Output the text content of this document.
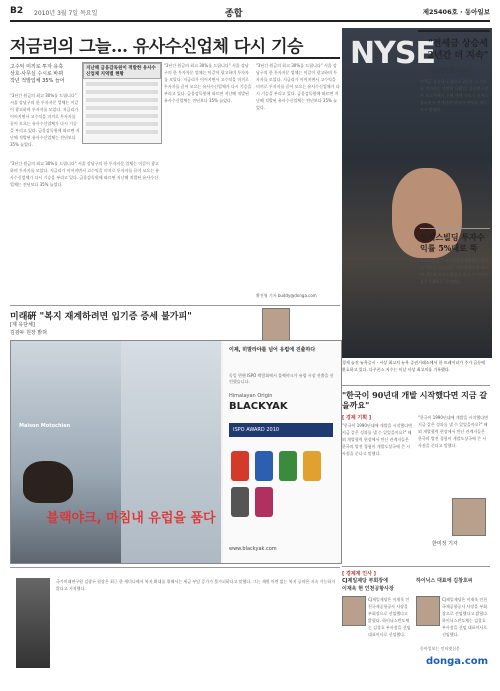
B2 2010년 3월 7일 목요일	종합	제25406호 · 동아일보
저금리의 그늘… 유사수신업체 다시 기승
고수익 미끼로 투자 유혹
상호·사무실 수시로 바꿔
작년 적발업체 35% 늘어
지난해 금융감독원이 적발한 유사수신업체 지역별 현황
"3년간 원금의 최고 30%를 드립니다" 서울 강남구의 한 투자자문 업체는 이같이 광고하며 투자자를 모았다. 저금리가 이어지면서 고수익을 미끼로 투자자를 끌어 모으는 유사수신업체가 다시 기승을 부리고 있다. 금융감독원에 따르면 지난해 적발된 유사수신업체는 전년보다 35% 늘었다.
"3년간 원금의 최고 30%를 드립니다" 서울 강남구의 한 투자자문 업체는 이같이 광고하며 투자자를 모았다. 저금리가 이어지면서 고수익을 미끼로 투자자를 끌어 모으는 유사수신업체가 다시 기승을 부리고 있다. 금융감독원에 따르면 지난해 적발된 유사수신업체는 전년보다 35% 늘었다.
"3년간 원금의 최고 30%를 드립니다" 서울 강남구의 한 투자자문 업체는 이같이 광고하며 투자자를 모았다. 저금리가 이어지면서 고수익을 미끼로 투자자를 끌어 모으는 유사수신업체가 다시 기승을 부리고 있다. 금융감독원에 따르면 지난해 적발된 유사수신업체는 전년보다 35% 늘었다.
"3년간 원금의 최고 30%를 드립니다" 서울 강남구의 한 투자자문 업체는 이같이 광고하며 투자자를 모았다. 저금리가 이어지면서 고수익을 미끼로 투자자를 끌어 모으는 유사수신업체가 다시 기승을 부리고 있다. 금융감독원에 따르면 지난해 적발된 유사수신업체는 전년보다 35% 늘었다.
황진영 기자 buddy@donga.com
미래硏 "복지 재계하려면 입기증 증세 불가피"
[제 유단체]
김광두 원장 밝혀
Maison Motochien
블랙야크, 마침내 유럽을 품다
이제, 히말라야를 넘어 유럽에 진출하다
독일 뮌헨 ISPO 박람회에서 블랙야크가 유럽 시장 진출을 선언했습니다.
Himalayan Origin
BLACKYAK
ISPO AWARD 2010
www.blackyak.com
NYSE
"전세금 상승세 2년간 더 지속"
금융연구원 보고서
전세금 상승세가 앞으로 2년간 더 지속될 것이라는 전망이 나왔다. 금융연구원은 보고서에서 주택 매매 수요가 전세로 몰리면서 전세가격 상승이 이어질 것이라고 밝혔다.
오피스빌딩 투자수익률 5%대로 뚝
오피스빌딩 투자수익률이 5%대로 떨어진 것으로 나타났다. 국토해양부에 따르면 지난해 오피스빌딩의 연간 투자수익률은 5.8%로 집계됐다.
경제 늘진 뉴욕증시 - 시상 최고치 뉴욕 증권거래소에서 한 트레이더가 주가 급등에 환호하고 있다. 다우존스 지수는 이날 사상 최고치를 기록했다.
"한국이 90년대 개발 시작했다면 지금 갈을까요"
[ 경제 기획 ]
"한국이 1990년대에 개발을 시작했다면 지금 같은 성과를 낼 수 있었을까요?" 해외 개발협력 현장에서 만난 관계자들은 한국의 발전 경험이 개발도상국에 큰 시사점을 준다고 말했다.
"한국이 1990년대에 개발을 시작했다면 지금 같은 성과를 낼 수 있었을까요?" 해외 개발협력 현장에서 만난 관계자들은 한국의 발전 경험이 개발도상국에 큰 시사점을 준다고 말했다.
한미정 기자
[ 경제계 인사 ]
CJ제일제당 부회장에
이재욱 현 인천공항사장
CJ제일제당은 이재욱 인천국제공항공사 사장을 부회장으로 선임했다고 밝혔다. 하이닉스반도체는 김창호 부사장을 신임 대표이사로 선임했다.
하이닉스 대표에 김창호씨
CJ제일제당은 이재욱 인천국제공항공사 사장을 부회장으로 선임했다고 밝혔다. 하이닉스반도체는 김창호 부사장을 신임 대표이사로 선임했다.
국가미래연구원 김광두 원장은 최근 한 세미나에서 복지 확대를 위해서는 세금 부담 증가가 불가피하다고 말했다. 그는 재원 마련 없는 복지 공약은 지속 가능하지 않다고 지적했다.
동아일보는 인터넷신문
donga.com
